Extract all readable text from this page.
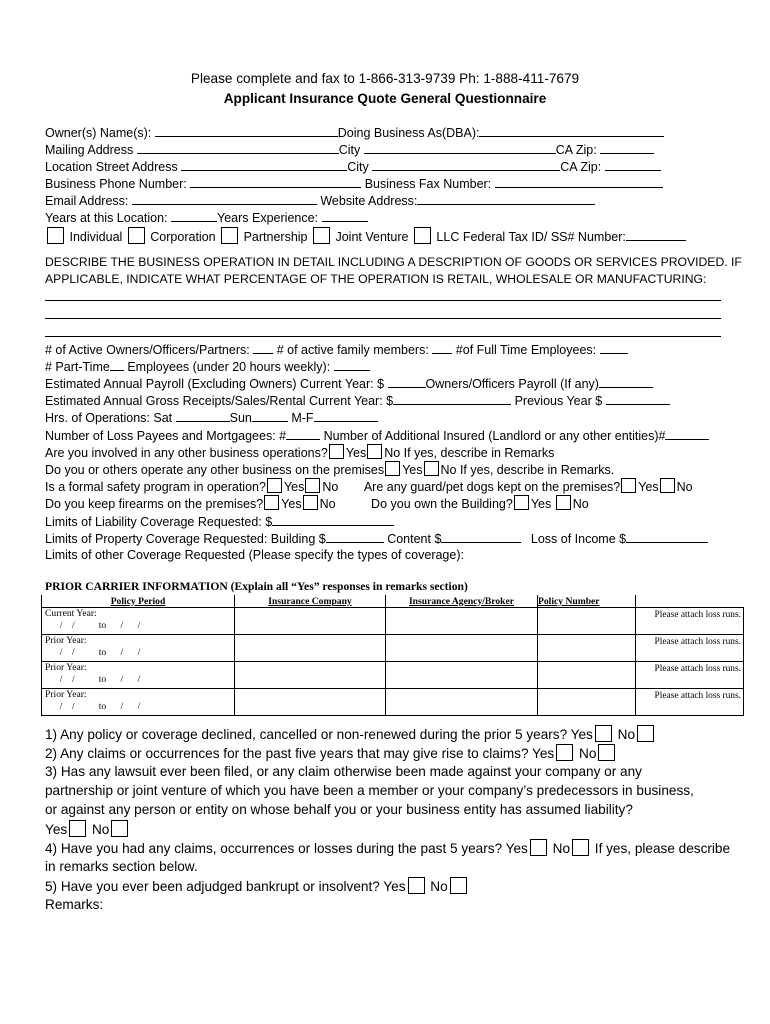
Please complete and fax to 1-866-313-9739 Ph: 1-888-411-7679
Applicant Insurance Quote General Questionnaire
Owner(s) Name(s):	Doing Business As(DBA):
Mailing Address	City	CA Zip:
Location Street Address	City	CA Zip:
Business Phone Number:	Business Fax Number:
Email Address:	Website Address:
Years at this Location:	Years Experience:
Individual Corporation Partnership Joint Venture LLC Federal Tax ID/ SS# Number:
DESCRIBE THE BUSINESS OPERATION IN DETAIL INCLUDING A DESCRIPTION OF GOODS OR SERVICES PROVIDED. IF
APPLICABLE, INDICATE WHAT PERCENTAGE OF THE OPERATION IS RETAIL, WHOLESALE OR MANUFACTURING:
# of Active Owners/Officers/Partners: # of active family members: #of Full Time Employees:
# Part-Time Employees (under 20 hours weekly):
Estimated Annual Payroll (Excluding Owners) Current Year: $	Owners/Officers Payroll (If any)
Estimated Annual Gross Receipts/Sales/Rental Current Year: $	Previous Year $
Hrs. of Operations: Sat	Sun	M-F
Number of Loss Payees and Mortgagees: #	Number of Additional Insured (Landlord or any other entities)#
Are you involved in any other business operations? Yes No If yes, describe in Remarks
Do you or others operate any other business on the premises Yes No If yes, describe in Remarks.
Is a formal safety program in operation? Yes No Are any guard/pet dogs kept on the premises? Yes No
Do you keep firearms on the premises? Yes No	Do you own the Building? Yes No
Limits of Liability Coverage Requested: $
Limits of Property Coverage Requested: Building $	Content $	Loss of Income $
Limits of other Coverage Requested (Please specify the types of coverage):
PRIOR CARRIER INFORMATION (Explain all “Yes” responses in remarks section)
Policy Period	Insurance Company	Insurance Agency/Broker	Policy Number	

Current Year:
/    /          to      /      /				Please attach loss runs.

Prior Year:
/    /          to      /      /				Please attach loss runs.

Prior Year:
/    /          to      /      /				Please attach loss runs.

Prior Year:
/    /          to      /      /				Please attach loss runs.
1) Any policy or coverage declined, cancelled or non-renewed during the prior 5 years? Yes No
2) Any claims or occurrences for the past five years that may give rise to claims? Yes No
3) Has any lawsuit ever been filed, or any claim otherwise been made against your company or any
partnership or joint venture of which you have been a member or your company’s predecessors in business,
or against any person or entity on whose behalf you or your business entity has assumed liability?
Yes No
4) Have you had any claims, occurrences or losses during the past 5 years? Yes No If yes, please describe
in remarks section below.
5) Have you ever been adjudged bankrupt or insolvent? Yes No
Remarks:
